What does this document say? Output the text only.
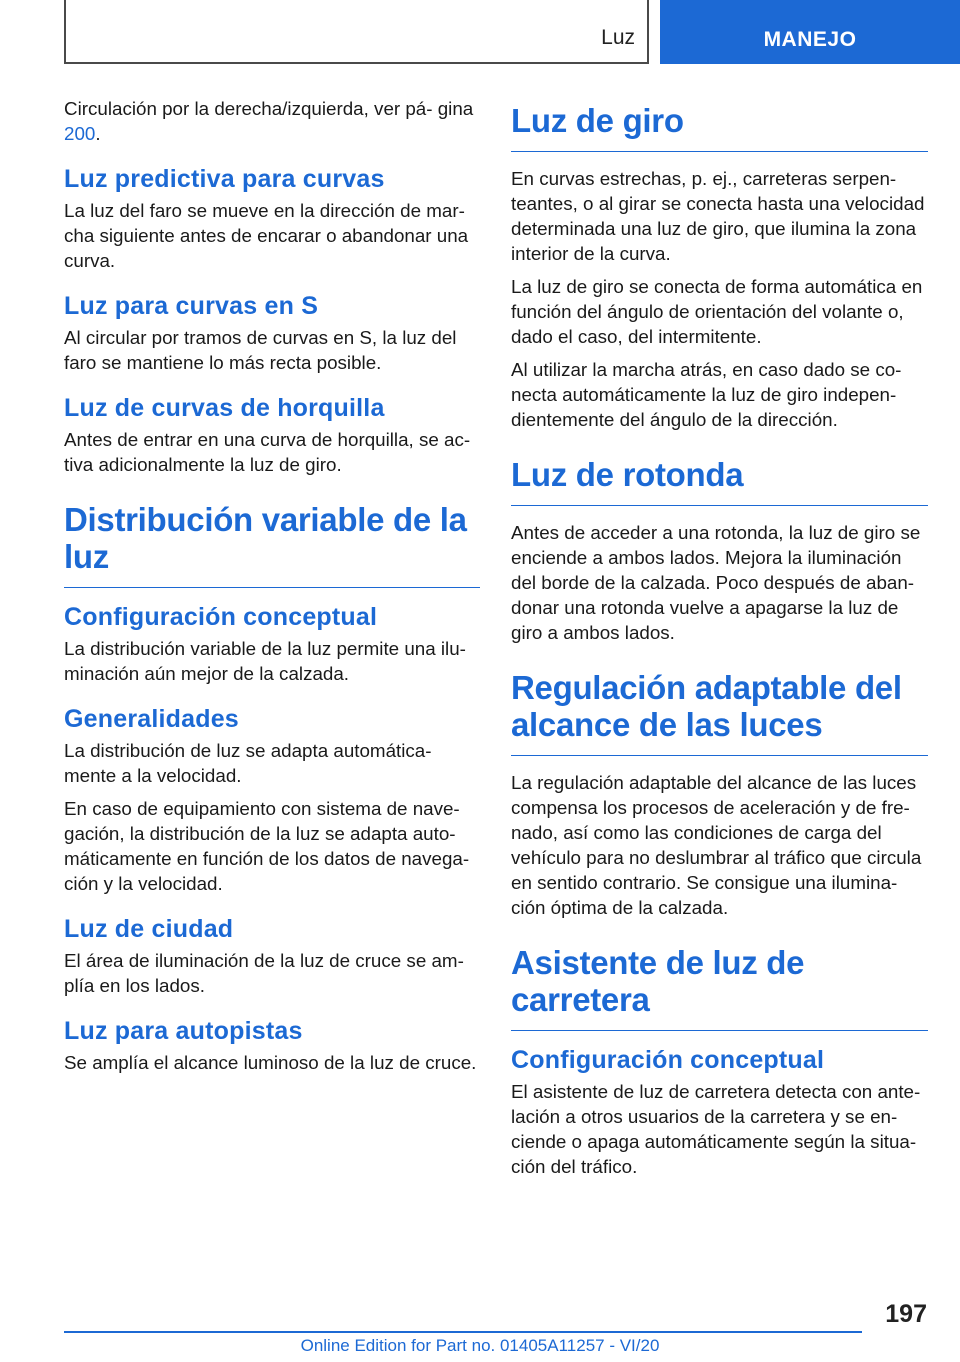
Luz	MANEJO

Circulación por la derecha/izquierda, ver pá‐ gina 200.

Luz predictiva para curvas

La luz del faro se mueve en la dirección de mar‐ cha siguiente antes de encarar o abandonar una curva.

Luz para curvas en S

Al circular por tramos de curvas en S, la luz del faro se mantiene lo más recta posible.

Luz de curvas de horquilla

Antes de entrar en una curva de horquilla, se ac‐ tiva adicionalmente la luz de giro.

Distribución variable de la luz
Configuración conceptual

La distribución variable de la luz permite una ilu‐ minación aún mejor de la calzada.

Generalidades

La distribución de luz se adapta automática‐ mente a la velocidad.

En caso de equipamiento con sistema de nave‐ gación, la distribución de la luz se adapta auto‐ máticamente en función de los datos de navega‐ ción y la velocidad.

Luz de ciudad

El área de iluminación de la luz de cruce se am‐ plía en los lados.

Luz para autopistas

Se amplía el alcance luminoso de la luz de cruce.

Luz de giro

En curvas estrechas, p. ej., carreteras serpen‐ teantes, o al girar se conecta hasta una velocidad determinada una luz de giro, que ilumina la zona interior de la curva.

La luz de giro se conecta de forma automática en función del ángulo de orientación del volante o, dado el caso, del intermitente.

Al utilizar la marcha atrás, en caso dado se co‐ necta automáticamente la luz de giro indepen‐ dientemente del ángulo de la dirección.

Luz de rotonda

Antes de acceder a una rotonda, la luz de giro se enciende a ambos lados. Mejora la iluminación del borde de la calzada. Poco después de aban‐ donar una rotonda vuelve a apagarse la luz de giro a ambos lados.

Regulación adaptable del alcance de las luces

La regulación adaptable del alcance de las luces compensa los procesos de aceleración y de fre‐ nado, así como las condiciones de carga del vehículo para no deslumbrar al tráfico que circula en sentido contrario. Se consigue una ilumina‐ ción óptima de la calzada.

Asistente de luz de carretera
Configuración conceptual

El asistente de luz de carretera detecta con ante‐ lación a otros usuarios de la carretera y se en‐ ciende o apaga automáticamente según la situa‐ ción del tráfico.

197
Online Edition for Part no. 01405A11257 - VI/20
